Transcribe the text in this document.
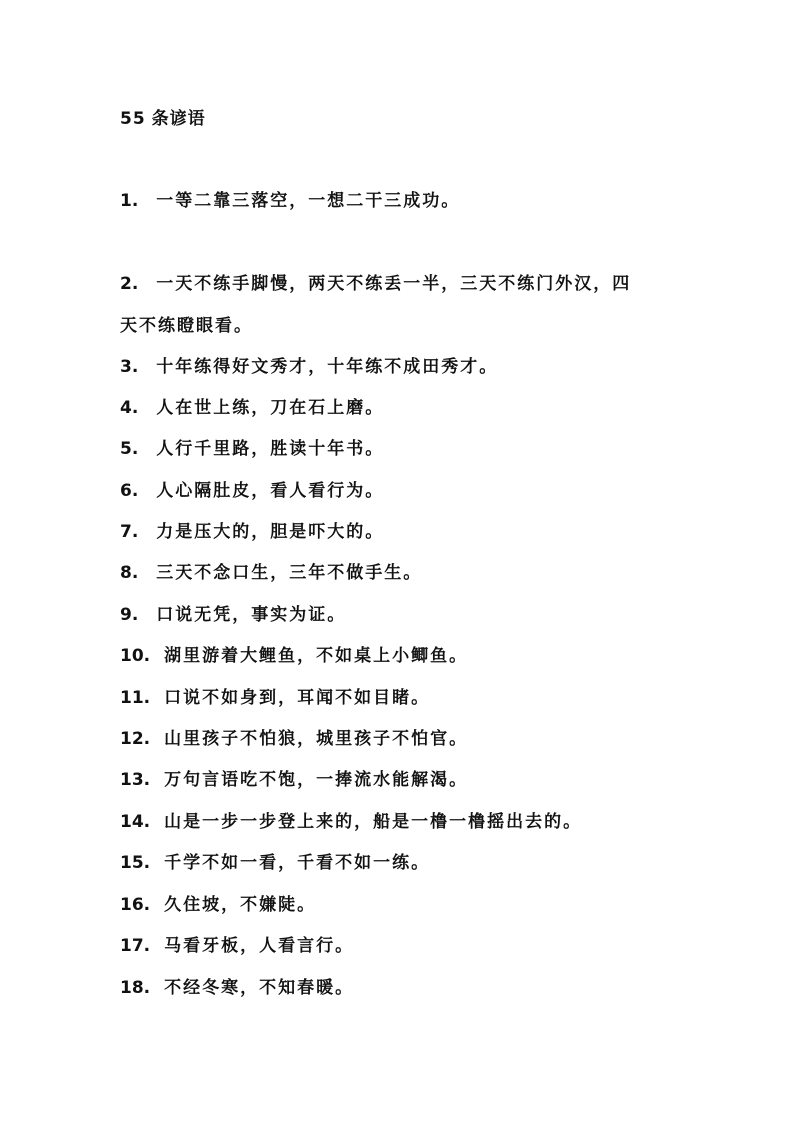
55 条谚语
1. 一等二靠三落空，一想二干三成功。
2. 一天不练手脚慢，两天不练丢一半，三天不练门外汉，四
天不练瞪眼看。
3. 十年练得好文秀才，十年练不成田秀才。
4. 人在世上练，刀在石上磨。
5. 人行千里路，胜读十年书。
6. 人心隔肚皮，看人看行为。
7. 力是压大的，胆是吓大的。
8. 三天不念口生，三年不做手生。
9. 口说无凭，事实为证。
10. 湖里游着大鲤鱼，不如桌上小鲫鱼。
11. 口说不如身到，耳闻不如目睹。
12. 山里孩子不怕狼，城里孩子不怕官。
13. 万句言语吃不饱，一捧流水能解渴。
14. 山是一步一步登上来的，船是一橹一橹摇出去的。
15. 千学不如一看，千看不如一练。
16. 久住坡，不嫌陡。
17. 马看牙板，人看言行。
18. 不经冬寒，不知春暖。
